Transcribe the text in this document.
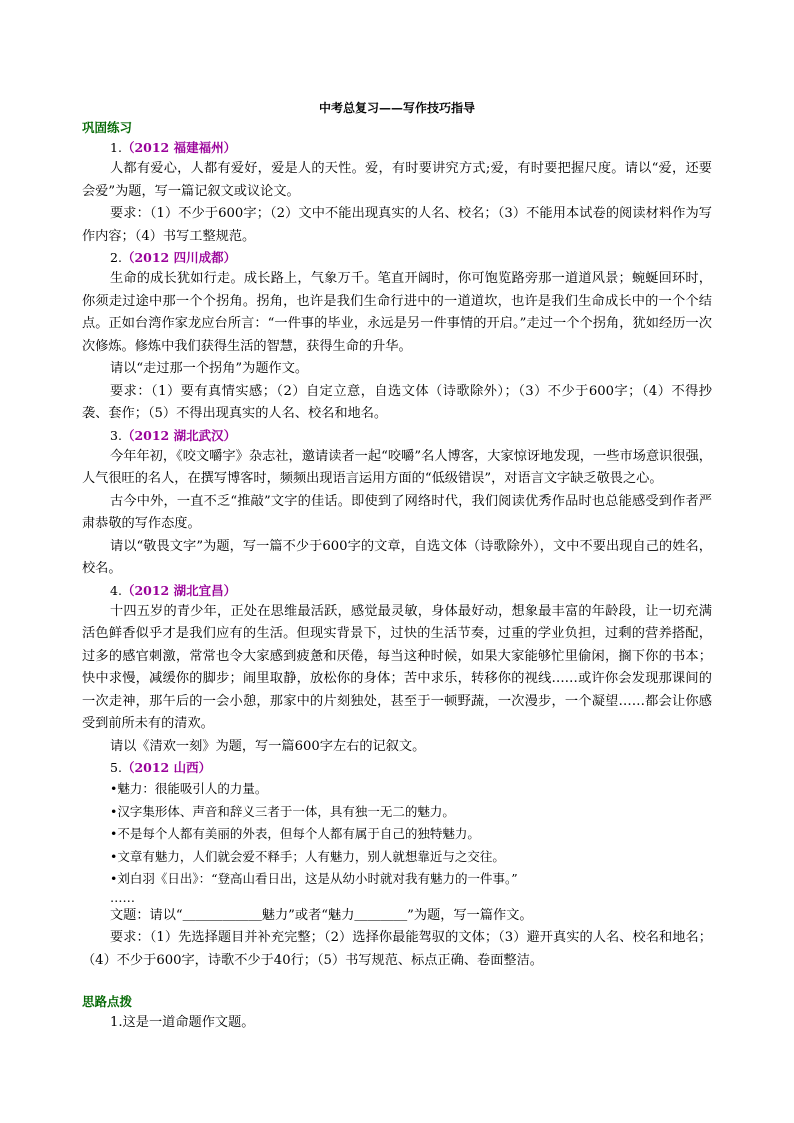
中考总复习——写作技巧指导
巩固练习
1.（2012 福建福州）

人都有爱心，人都有爱好，爱是人的天性。爱，有时要讲究方式;爱，有时要把握尺度。请以“爱，还要会爱”为题，写一篇记叙文或议论文。

要求：（1）不少于600字；（2）文中不能出现真实的人名、校名；（3）不能用本试卷的阅读材料作为写作内容；（4）书写工整规范。

2.（2012 四川成都）

生命的成长犹如行走。成长路上，气象万千。笔直开阔时，你可饱览路旁那一道道风景；蜿蜒回环时，你须走过途中那一个个拐角。拐角，也许是我们生命行进中的一道道坎，也许是我们生命成长中的一个个结点。正如台湾作家龙应台所言：“一件事的毕业，永远是另一件事情的开启。”走过一个个拐角，犹如经历一次次修炼。修炼中我们获得生活的智慧，获得生命的升华。

请以“走过那一个拐角”为题作文。

要求：（1）要有真情实感；（2）自定立意，自选文体（诗歌除外）；（3）不少于600字；（4）不得抄袭、套作；（5）不得出现真实的人名、校名和地名。

3.（2012 湖北武汉）

今年年初，《咬文嚼字》杂志社，邀请读者一起“咬嚼”名人博客，大家惊讶地发现，一些市场意识很强，人气很旺的名人，在撰写博客时，频频出现语言运用方面的“低级错误”，对语言文字缺乏敬畏之心。

古今中外，一直不乏“推敲”文字的佳话。即使到了网络时代，我们阅读优秀作品时也总能感受到作者严肃恭敬的写作态度。

请以“敬畏文字”为题，写一篇不少于600字的文章，自选文体（诗歌除外），文中不要出现自己的姓名，校名。

4.（2012 湖北宜昌）

十四五岁的青少年，正处在思维最活跃，感觉最灵敏，身体最好动，想象最丰富的年龄段，让一切充满活色鲜香似乎才是我们应有的生活。但现实背景下，过快的生活节奏，过重的学业负担，过剩的营养搭配，过多的感官刺激，常常也令大家感到疲惫和厌倦，每当这种时候，如果大家能够忙里偷闲，搁下你的书本；快中求慢，减缓你的脚步；闹里取静，放松你的身体；苦中求乐，转移你的视线……或许你会发现那课间的一次走神，那午后的一会小憩，那家中的片刻独处，甚至于一顿野蔬，一次漫步，一个凝望……都会让你感受到前所未有的清欢。

请以《清欢一刻》为题，写一篇600字左右的记叙文。

5.（2012 山西）

•魅力：很能吸引人的力量。

•汉字集形体、声音和辞义三者于一体，具有独一无二的魅力。

•不是每个人都有美丽的外表，但每个人都有属于自己的独特魅力。

•文章有魅力，人们就会爱不释手；人有魅力，别人就想靠近与之交往。

•刘白羽《日出》：“登高山看日出，这是从幼小时就对我有魅力的一件事。”

……

文题：请以“＿＿＿＿＿＿魅力”或者“魅力＿＿＿＿”为题，写一篇作文。

要求：（1）先选择题目并补充完整；（2）选择你最能驾驭的文体；（3）避开真实的人名、校名和地名；（4）不少于600字，诗歌不少于40行；（5）书写规范、标点正确、卷面整洁。

思路点拨

1.这是一道命题作文题。
